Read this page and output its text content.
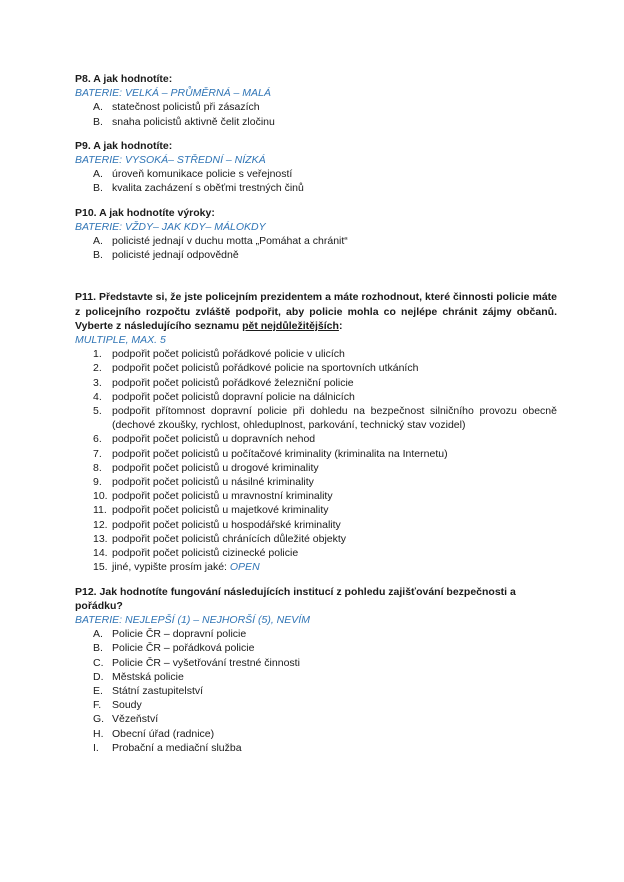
P8. A jak hodnotíte:
BATERIE: VELKÁ – PRŮMĚRNÁ – MALÁ
A. statečnost policistů při zásazích
B. snaha policistů aktivně čelit zločinu
P9. A jak hodnotíte:
BATERIE: VYSOKÁ– STŘEDNÍ – NÍZKÁ
A. úroveň komunikace policie s veřejností
B. kvalita zacházení s oběťmi trestných činů
P10. A jak hodnotíte výroky:
BATERIE: VŽDY– JAK KDY– MÁLOKDY
A. policisté jednají v duchu motta „Pomáhat a chránit“
B. policisté jednají odpovědně
P11. Představte si, že jste policejním prezidentem a máte rozhodnout, které činnosti policie máte z policejního rozpočtu zvláště podpořit, aby policie mohla co nejlépe chránit zájmy občanů. Vyberte z následujícího seznamu pět nejdůležitějších:
MULTIPLE, MAX. 5
1. podpořit počet policistů pořádkové policie v ulicích
2. podpořit počet policistů pořádkové policie na sportovních utkáních
3. podpořit počet policistů pořádkové železniční policie
4. podpořit počet policistů dopravní policie na dálnicích
5. podpořit přítomnost dopravní policie při dohledu na bezpečnost silničního provozu obecně (dechové zkoušky, rychlost, ohleduplnost, parkování, technický stav vozidel)
6. podpořit počet policistů u dopravních nehod
7. podpořit počet policistů u počítačové kriminality (kriminalita na Internetu)
8. podpořit počet policistů u drogové kriminality
9. podpořit počet policistů u násilné kriminality
10. podpořit počet policistů u mravnostní kriminality
11. podpořit počet policistů u majetkové kriminality
12. podpořit počet policistů u hospodářské kriminality
13. podpořit počet policistů chránících důležité objekty
14. podpořit počet policistů cizinecké policie
15. jiné, vypište prosím jaké: OPEN
P12. Jak hodnotíte fungování následujících institucí z pohledu zajišťování bezpečnosti a pořádku?
BATERIE: NEJLEPŠÍ (1) – NEJHORŠÍ (5), NEVÍM
A. Policie ČR – dopravní policie
B. Policie ČR – pořádková policie
C. Policie ČR – vyšetřování trestné činnosti
D. Městská policie
E. Státní zastupitelství
F.	Soudy
G. Vězeňství
H. Obecní úřad (radnice)
I.	Probační a mediační služba
